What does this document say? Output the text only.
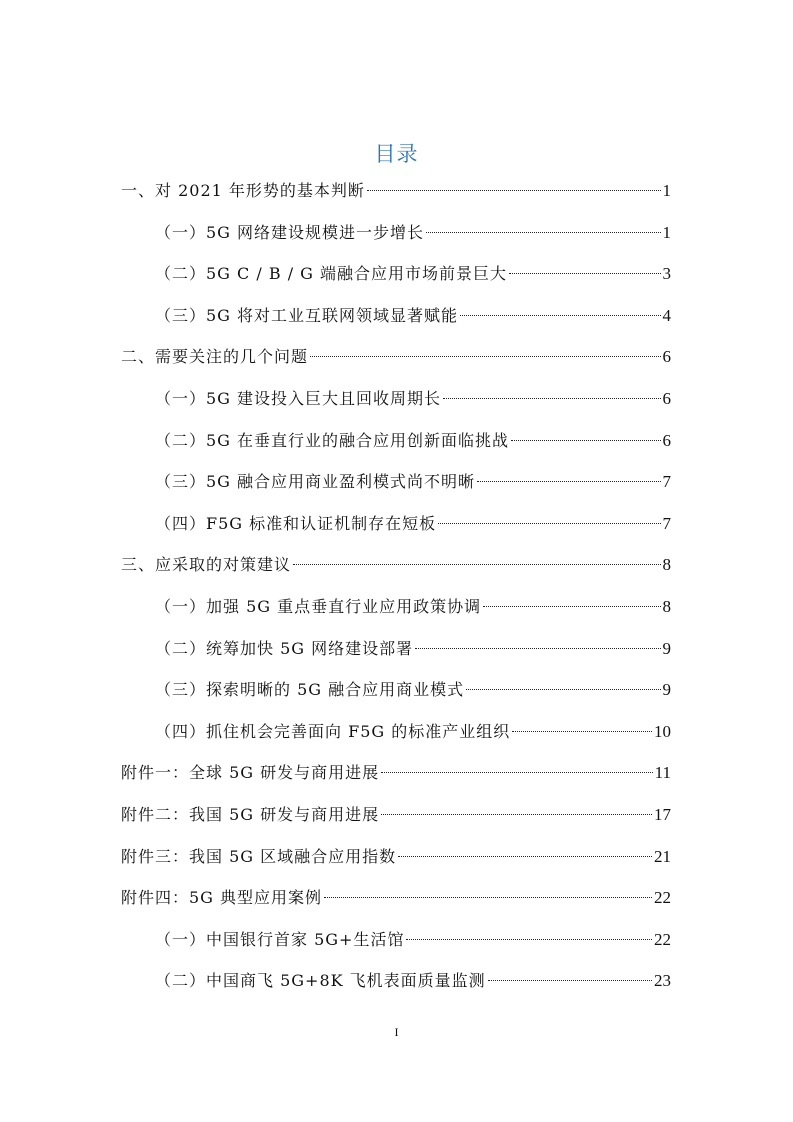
目录
一、对 2021 年形势的基本判断	1
（一）5G 网络建设规模进一步增长	1
（二）5G C / B / G 端融合应用市场前景巨大	3
（三）5G 将对工业互联网领域显著赋能	4
二、需要关注的几个问题	6
（一）5G 建设投入巨大且回收周期长	6
（二）5G 在垂直行业的融合应用创新面临挑战	6
（三）5G 融合应用商业盈利模式尚不明晰	7
（四）F5G 标准和认证机制存在短板	7
三、应采取的对策建议	8
（一）加强 5G 重点垂直行业应用政策协调	8
（二）统筹加快 5G 网络建设部署	9
（三）探索明晰的 5G 融合应用商业模式	9
（四）抓住机会完善面向 F5G 的标准产业组织	10
附件一：全球 5G 研发与商用进展	11
附件二：我国 5G 研发与商用进展	17
附件三：我国 5G 区域融合应用指数	21
附件四：5G 典型应用案例	22
（一）中国银行首家 5G+生活馆	22
（二）中国商飞 5G+8K 飞机表面质量监测	23
I
